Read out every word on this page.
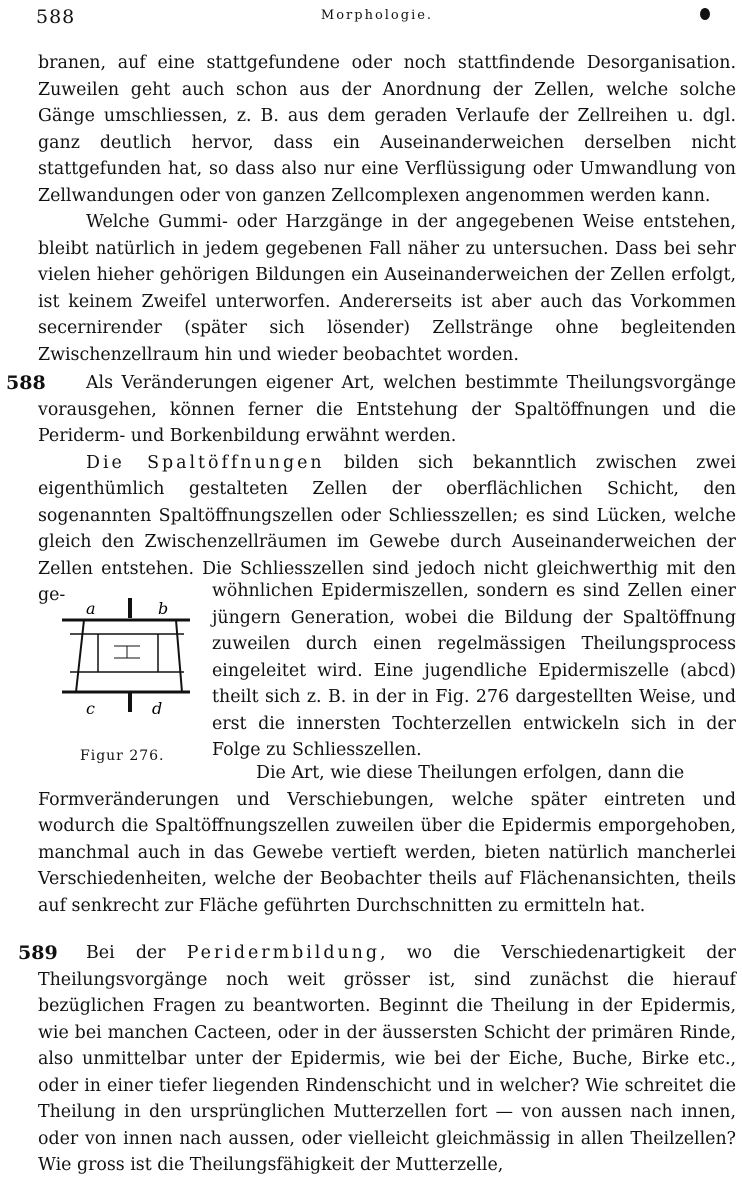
588	Morphologie.

branen, auf eine stattgefundene oder noch stattfindende Desorganisation. Zuweilen geht auch schon aus der Anordnung der Zellen, welche solche Gänge umschliessen, z. B. aus dem geraden Verlaufe der Zellreihen u. dgl. ganz deutlich hervor, dass ein Auseinanderweichen derselben nicht stattgefunden hat, so dass also nur eine Verflüssigung oder Umwandlung von Zellwandungen oder von ganzen Zellcomplexen angenommen werden kann.

Welche Gummi- oder Harzgänge in der angegebenen Weise entstehen, bleibt natürlich in jedem gegebenen Fall näher zu untersuchen. Dass bei sehr vielen hieher gehörigen Bildungen ein Auseinanderweichen der Zellen erfolgt, ist keinem Zweifel unterworfen. Andererseits ist aber auch das Vorkommen secernirender (später sich lösender) Zellstränge ohne begleitenden Zwischenzellraum hin und wieder beobachtet worden.

588	Als Veränderungen eigener Art, welchen bestimmte Theilungsvorgänge vorausgehen, können ferner die Entstehung der Spaltöffnungen und die Periderm- und Borkenbildung erwähnt werden.

Die Spaltöffnungen bilden sich bekanntlich zwischen zwei eigenthümlich gestalteten Zellen der oberflächlichen Schicht, den sogenannten Spaltöffnungszellen oder Schliesszellen; es sind Lücken, welche gleich den Zwischenzellräumen im Gewebe durch Auseinanderweichen der Zellen entstehen. Die Schliesszellen sind jedoch nicht gleichwerthig mit den ge-

a	b
c	d
Figur 276.

wöhnlichen Epidermiszellen, sondern es sind Zellen einer jüngern Generation, wobei die Bildung der Spaltöffnung zuweilen durch einen regelmässigen Theilungsprocess eingeleitet wird. Eine jugendliche Epidermiszelle (abcd) theilt sich z. B. in der in Fig. 276 dargestellten Weise, und erst die innersten Tochterzellen entwickeln sich in der Folge zu Schliesszellen.

Die Art, wie diese Theilungen erfolgen, dann die

Formveränderungen und Verschiebungen, welche später eintreten und wodurch die Spaltöffnungszellen zuweilen über die Epidermis emporgehoben, manchmal auch in das Gewebe vertieft werden, bieten natürlich mancherlei Verschiedenheiten, welche der Beobachter theils auf Flächenansichten, theils auf senkrecht zur Fläche geführten Durchschnitten zu ermitteln hat.

589	Bei der Peridermbildung, wo die Verschiedenartigkeit der Theilungsvorgänge noch weit grösser ist, sind zunächst die hierauf bezüglichen Fragen zu beantworten. Beginnt die Theilung in der Epidermis, wie bei manchen Cacteen, oder in der äussersten Schicht der primären Rinde, also unmittelbar unter der Epidermis, wie bei der Eiche, Buche, Birke etc., oder in einer tiefer liegenden Rindenschicht und in welcher? Wie schreitet die Theilung in den ursprünglichen Mutterzellen fort — von aussen nach innen, oder von innen nach aussen, oder vielleicht gleichmässig in allen Theilzellen? Wie gross ist die Theilungsfähigkeit der Mutterzelle,
